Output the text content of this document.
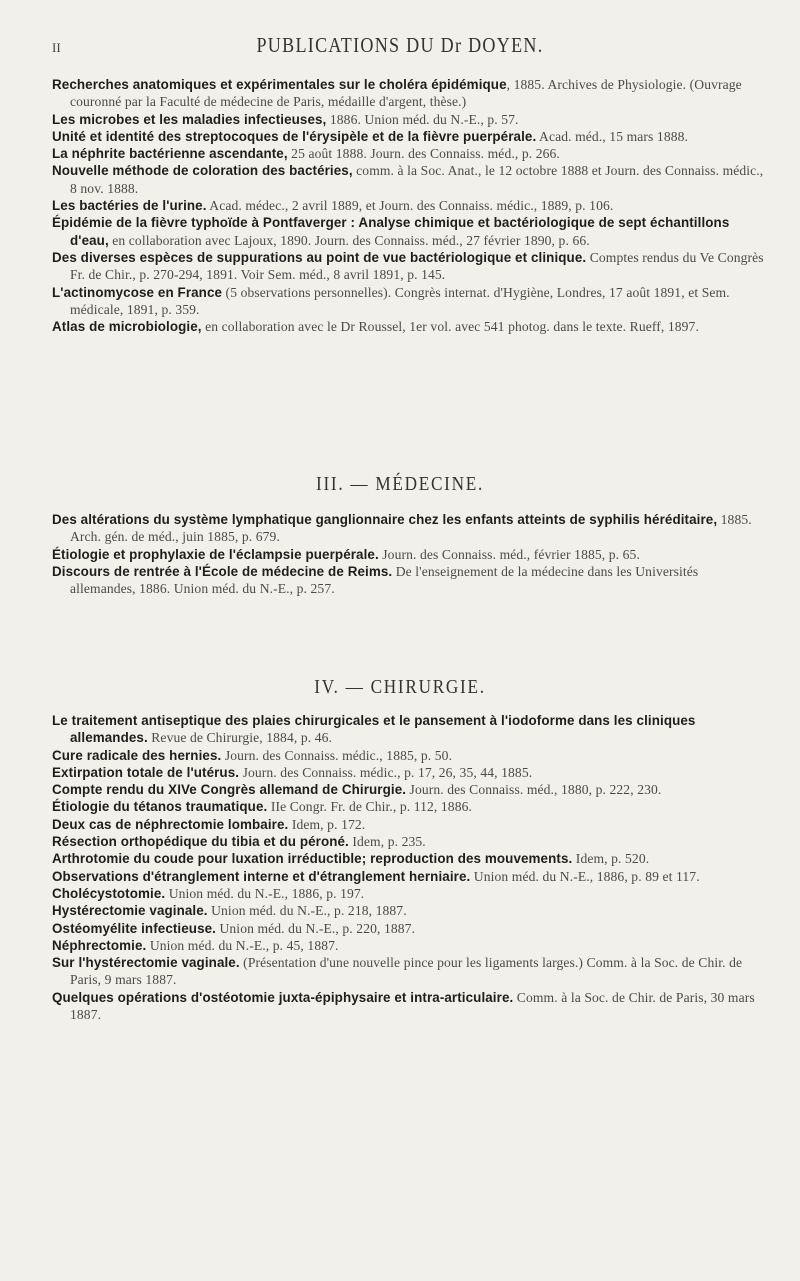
II	PUBLICATIONS DU Dr DOYEN.

Recherches anatomiques et expérimentales sur le choléra épidémique, 1885. Archives de Physiologie. (Ouvrage couronné par la Faculté de médecine de Paris, médaille d'argent, thèse.)

Les microbes et les maladies infectieuses, 1886. Union méd. du N.-E., p. 57.

Unité et identité des streptocoques de l'érysipèle et de la fièvre puerpérale. Acad. méd., 15 mars 1888.

La néphrite bactérienne ascendante, 25 août 1888. Journ. des Connaiss. méd., p. 266.

Nouvelle méthode de coloration des bactéries, comm. à la Soc. Anat., le 12 octobre 1888 et Journ. des Connaiss. médic., 8 nov. 1888.

Les bactéries de l'urine. Acad. médec., 2 avril 1889, et Journ. des Connaiss. médic., 1889, p. 106.

Épidémie de la fièvre typhoïde à Pontfaverger : Analyse chimique et bactériologique de sept échantillons d'eau, en collaboration avec Lajoux, 1890. Journ. des Connaiss. méd., 27 février 1890, p. 66.

Des diverses espèces de suppurations au point de vue bactériologique et clinique. Comptes rendus du Ve Congrès Fr. de Chir., p. 270-294, 1891. Voir Sem. méd., 8 avril 1891, p. 145.

L'actinomycose en France (5 observations personnelles). Congrès internat. d'Hygiène, Londres, 17 août 1891, et Sem. médicale, 1891, p. 359.

Atlas de microbiologie, en collaboration avec le Dr Roussel, 1er vol. avec 541 photog. dans le texte. Rueff, 1897.

III. — MÉDECINE.

Des altérations du système lymphatique ganglionnaire chez les enfants atteints de syphilis héréditaire, 1885. Arch. gén. de méd., juin 1885, p. 679.

Étiologie et prophylaxie de l'éclampsie puerpérale. Journ. des Connaiss. méd., février 1885, p. 65.

Discours de rentrée à l'École de médecine de Reims. De l'enseignement de la médecine dans les Universités allemandes, 1886. Union méd. du N.-E., p. 257.

IV. — CHIRURGIE.

Le traitement antiseptique des plaies chirurgicales et le pansement à l'iodoforme dans les cliniques allemandes. Revue de Chirurgie, 1884, p. 46.

Cure radicale des hernies. Journ. des Connaiss. médic., 1885, p. 50.

Extirpation totale de l'utérus. Journ. des Connaiss. médic., p. 17, 26, 35, 44, 1885.

Compte rendu du XIVe Congrès allemand de Chirurgie. Journ. des Connaiss. méd., 1880, p. 222, 230.

Étiologie du tétanos traumatique. IIe Congr. Fr. de Chir., p. 112, 1886.

Deux cas de néphrectomie lombaire. Idem, p. 172.

Résection orthopédique du tibia et du péroné. Idem, p. 235.

Arthrotomie du coude pour luxation irréductible; reproduction des mouvements. Idem, p. 520.

Observations d'étranglement interne et d'étranglement herniaire. Union méd. du N.-E., 1886, p. 89 et 117.

Cholécystotomie. Union méd. du N.-E., 1886, p. 197.

Hystérectomie vaginale. Union méd. du N.-E., p. 218, 1887.

Ostéomyélite infectieuse. Union méd. du N.-E., p. 220, 1887.

Néphrectomie. Union méd. du N.-E., p. 45, 1887.

Sur l'hystérectomie vaginale. (Présentation d'une nouvelle pince pour les ligaments larges.) Comm. à la Soc. de Chir. de Paris, 9 mars 1887.

Quelques opérations d'ostéotomie juxta-épiphysaire et intra-articulaire. Comm. à la Soc. de Chir. de Paris, 30 mars 1887.
